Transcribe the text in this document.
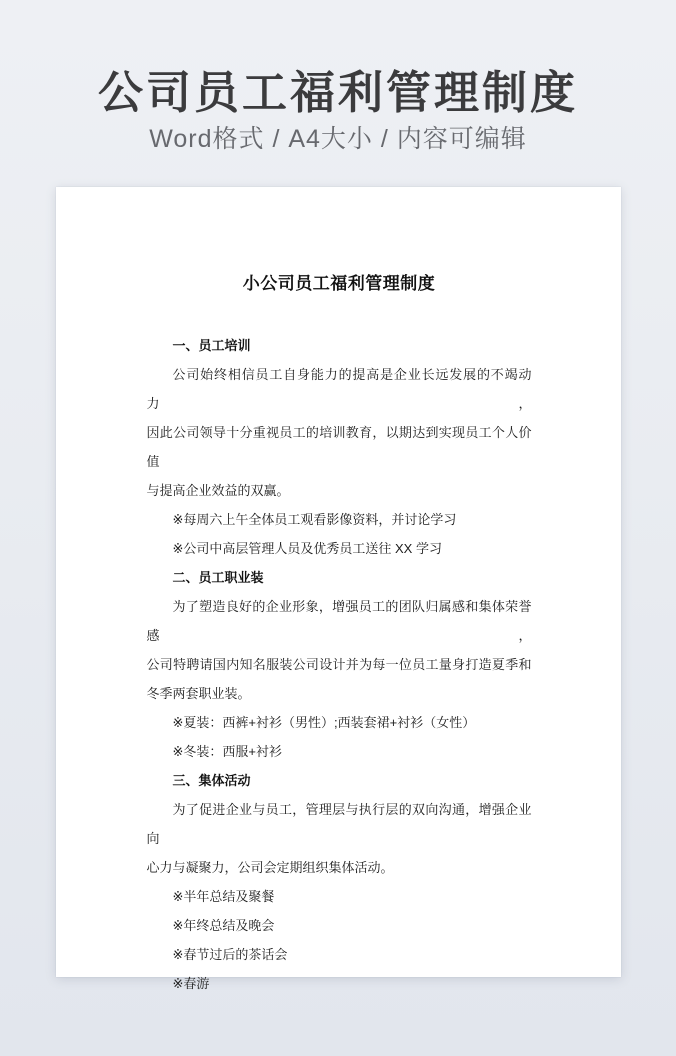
公司员工福利管理制度
Word格式 / A4大小 / 内容可编辑
小公司员工福利管理制度
一、员工培训
公司始终相信员工自身能力的提高是企业长远发展的不竭动力，
因此公司领导十分重视员工的培训教育，以期达到实现员工个人价值
与提高企业效益的双赢。
※每周六上午全体员工观看影像资料，并讨论学习
※公司中高层管理人员及优秀员工送往 XX 学习
二、员工职业装
为了塑造良好的企业形象，增强员工的团队归属感和集体荣誉感，
公司特聘请国内知名服装公司设计并为每一位员工量身打造夏季和
冬季两套职业装。
※夏装：西裤+衬衫（男性）;西装套裙+衬衫（女性）
※冬装：西服+衬衫
三、集体活动
为了促进企业与员工，管理层与执行层的双向沟通，增强企业向
心力与凝聚力，公司会定期组织集体活动。
※半年总结及聚餐
※年终总结及晚会
※春节过后的茶话会
※春游
